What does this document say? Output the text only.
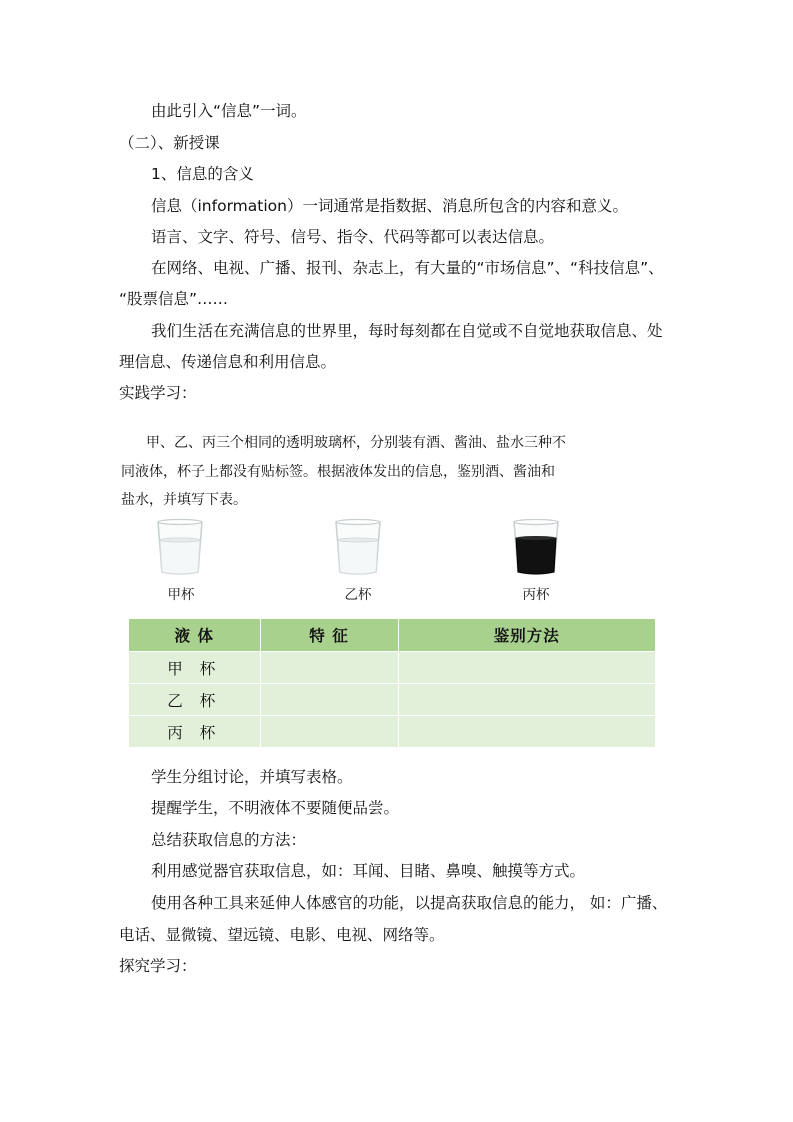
由此引入“信息”一词。
（二）、新授课
1、信息的含义
信息（information）一词通常是指数据、消息所包含的内容和意义。
语言、文字、符号、信号、指令、代码等都可以表达信息。
在网络、电视、广播、报刊、杂志上，有大量的“市场信息”、“科技信息”、
“股票信息”……
我们生活在充满信息的世界里，每时每刻都在自觉或不自觉地获取信息、处
理信息、传递信息和利用信息。
实践学习：
甲、乙、丙三个相同的透明玻璃杯，分别装有酒、酱油、盐水三种不
同液体，杯子上都没有贴标签。根据液体发出的信息，鉴别酒、酱油和
盐水，并填写下表。
甲杯	乙杯	丙杯
液 体	特 征	鉴别方法
甲 杯		
乙 杯		
丙 杯		
学生分组讨论，并填写表格。
提醒学生，不明液体不要随便品尝。
总结获取信息的方法：
利用感觉器官获取信息，如：耳闻、目睹、鼻嗅、触摸等方式。
使用各种工具来延伸人体感官的功能，以提高获取信息的能力， 如：广播、
电话、显微镜、望远镜、电影、电视、网络等。
探究学习：
